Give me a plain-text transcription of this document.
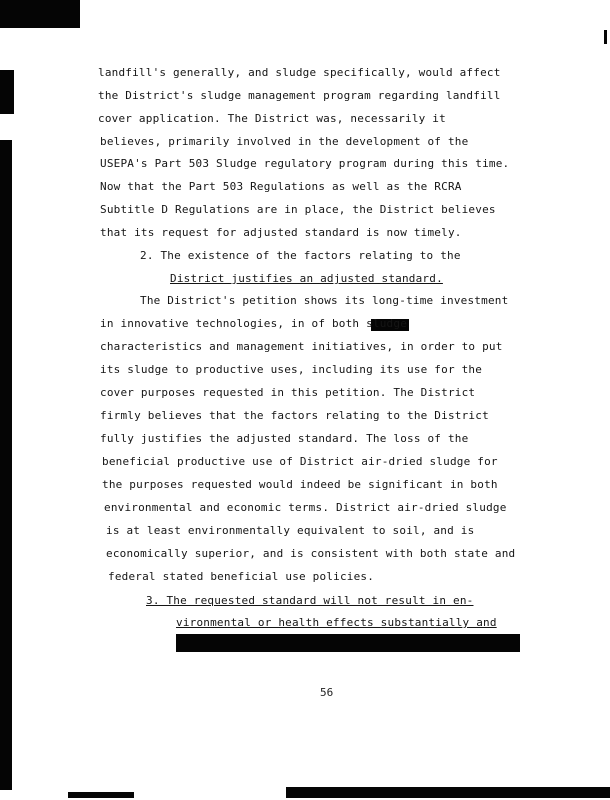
landfill's generally, and sludge specifically, would affect
the District's sludge management program regarding landfill
cover application. The District was, necessarily it
believes, primarily involved in the development of the
USEPA's Part 503 Sludge regulatory program during this time.
Now that the Part 503 Regulations as well as the RCRA
Subtitle D Regulations are in place, the District believes
that its request for adjusted standard is now timely.
2. The existence of the factors relating to the
District justifies an adjusted standard.
The District's petition shows its long-time investment
in innovative technologies, in of both sludge
characteristics and management initiatives, in order to put
its sludge to productive uses, including its use for the
cover purposes requested in this petition. The District
firmly believes that the factors relating to the District
fully justifies the adjusted standard. The loss of the
beneficial productive use of District air-dried sludge for
the purposes requested would indeed be significant in both
environmental and economic terms. District air-dried sludge
is at least environmentally equivalent to soil, and is
economically superior, and is consistent with both state and
federal stated beneficial use policies.
3. The requested standard will not result in en-
vironmental or health effects substantially and
56
